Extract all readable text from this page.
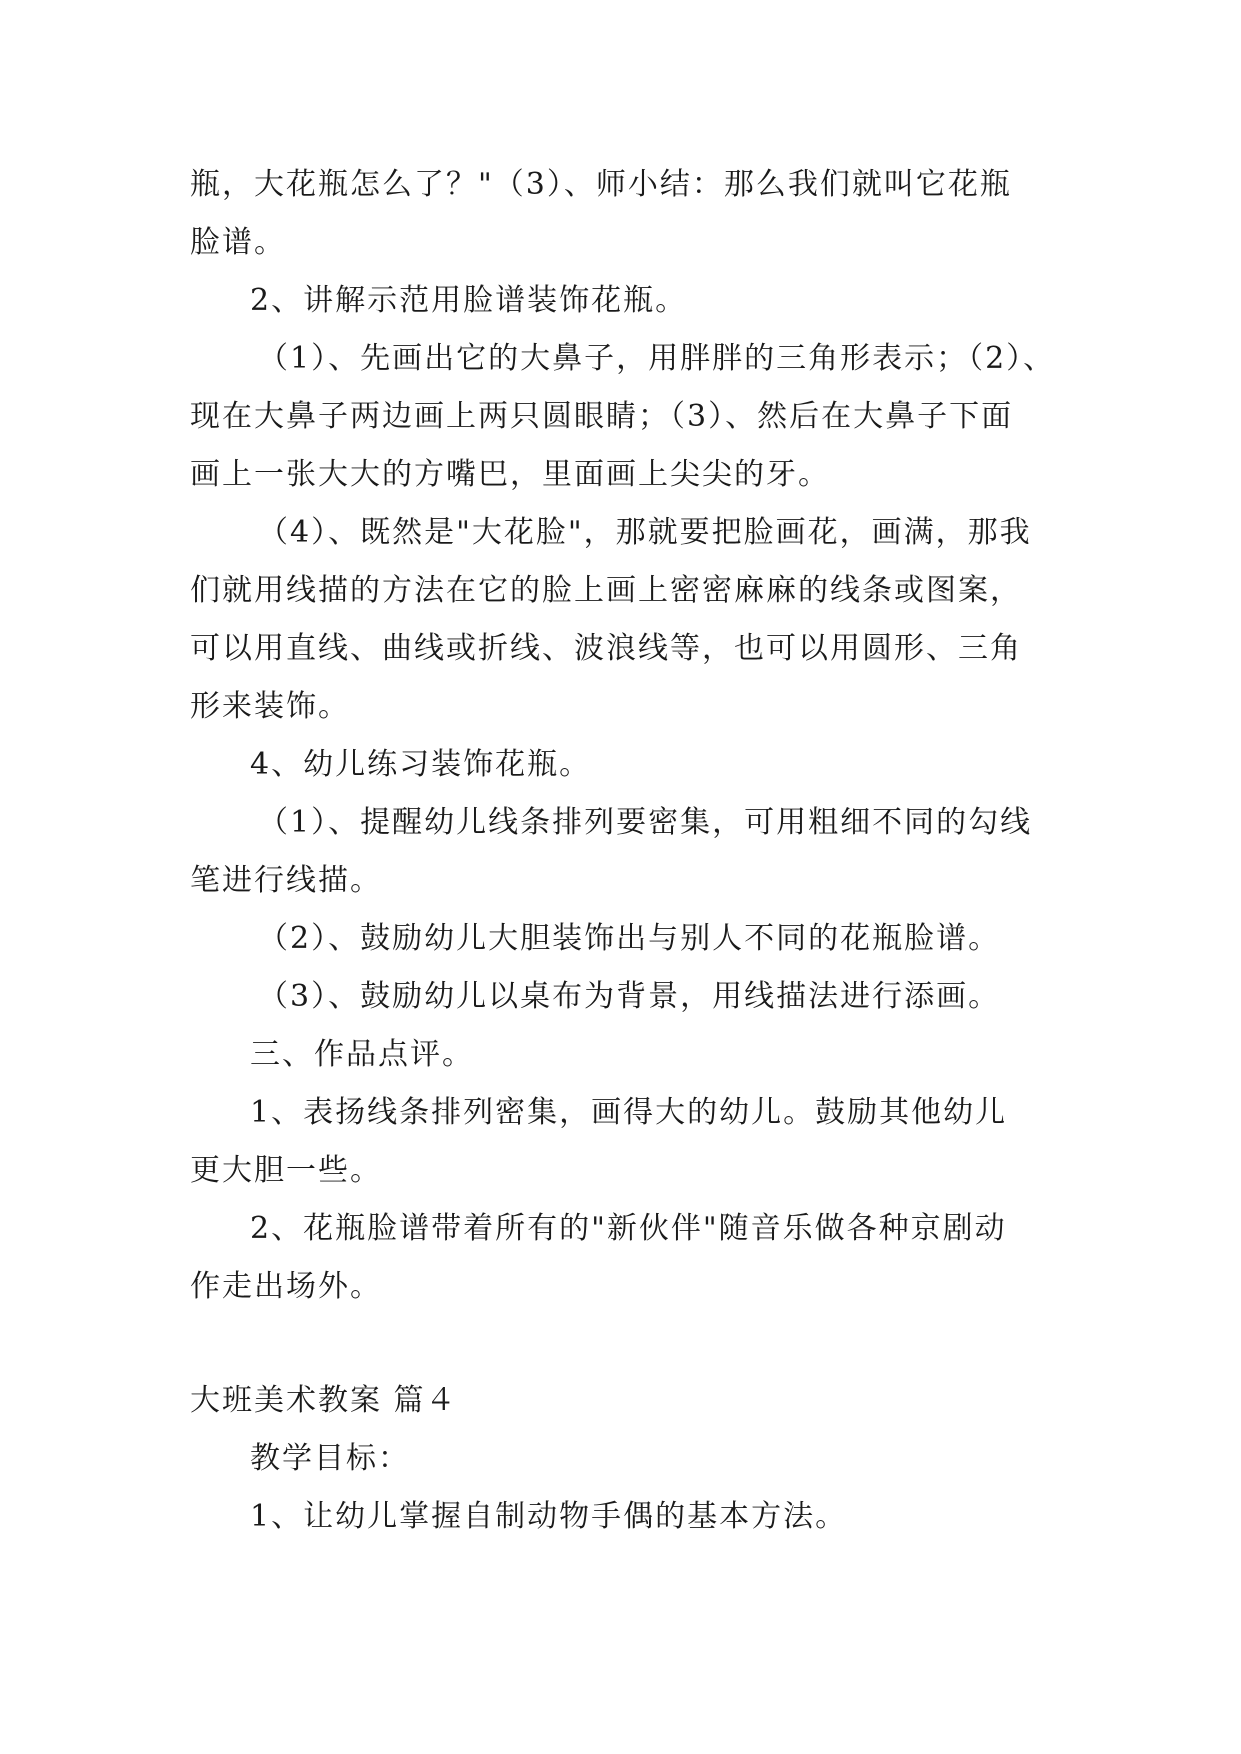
瓶，大花瓶怎么了？"（3）、师小结：那么我们就叫它花瓶
脸谱。
2、讲解示范用脸谱装饰花瓶。
（1）、先画出它的大鼻子，用胖胖的三角形表示；（2）、
现在大鼻子两边画上两只圆眼睛；（3）、然后在大鼻子下面
画上一张大大的方嘴巴，里面画上尖尖的牙。
（4）、既然是"大花脸"，那就要把脸画花，画满，那我
们就用线描的方法在它的脸上画上密密麻麻的线条或图案，
可以用直线、曲线或折线、波浪线等，也可以用圆形、三角
形来装饰。
4、幼儿练习装饰花瓶。
（1）、提醒幼儿线条排列要密集，可用粗细不同的勾线
笔进行线描。
（2）、鼓励幼儿大胆装饰出与别人不同的花瓶脸谱。
（3）、鼓励幼儿以桌布为背景，用线描法进行添画。
三、作品点评。
1、表扬线条排列密集，画得大的幼儿。鼓励其他幼儿
更大胆一些。
2、花瓶脸谱带着所有的"新伙伴"随音乐做各种京剧动
作走出场外。
大班美术教案 篇４
教学目标：
1、让幼儿掌握自制动物手偶的基本方法。
